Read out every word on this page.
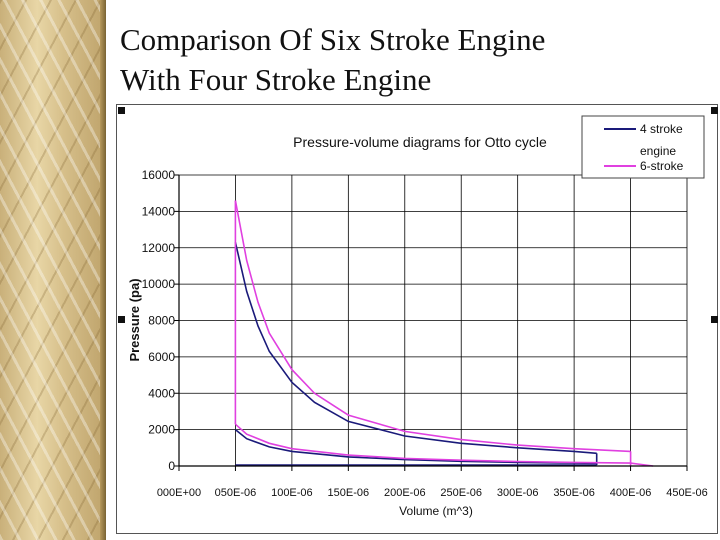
Comparison Of Six Stroke Engine
With Four Stroke Engine
0
2000
4000
6000
8000
10000
12000
14000
16000
000E+00 050E-06 100E-06 150E-06 200E-06 250E-06 300E-06 350E-06 400E-06 450E-06
Pressure-volume diagrams for Otto cycle
Pressure (pa)
Volume (m^3)
4 stroke
engine
6-stroke
